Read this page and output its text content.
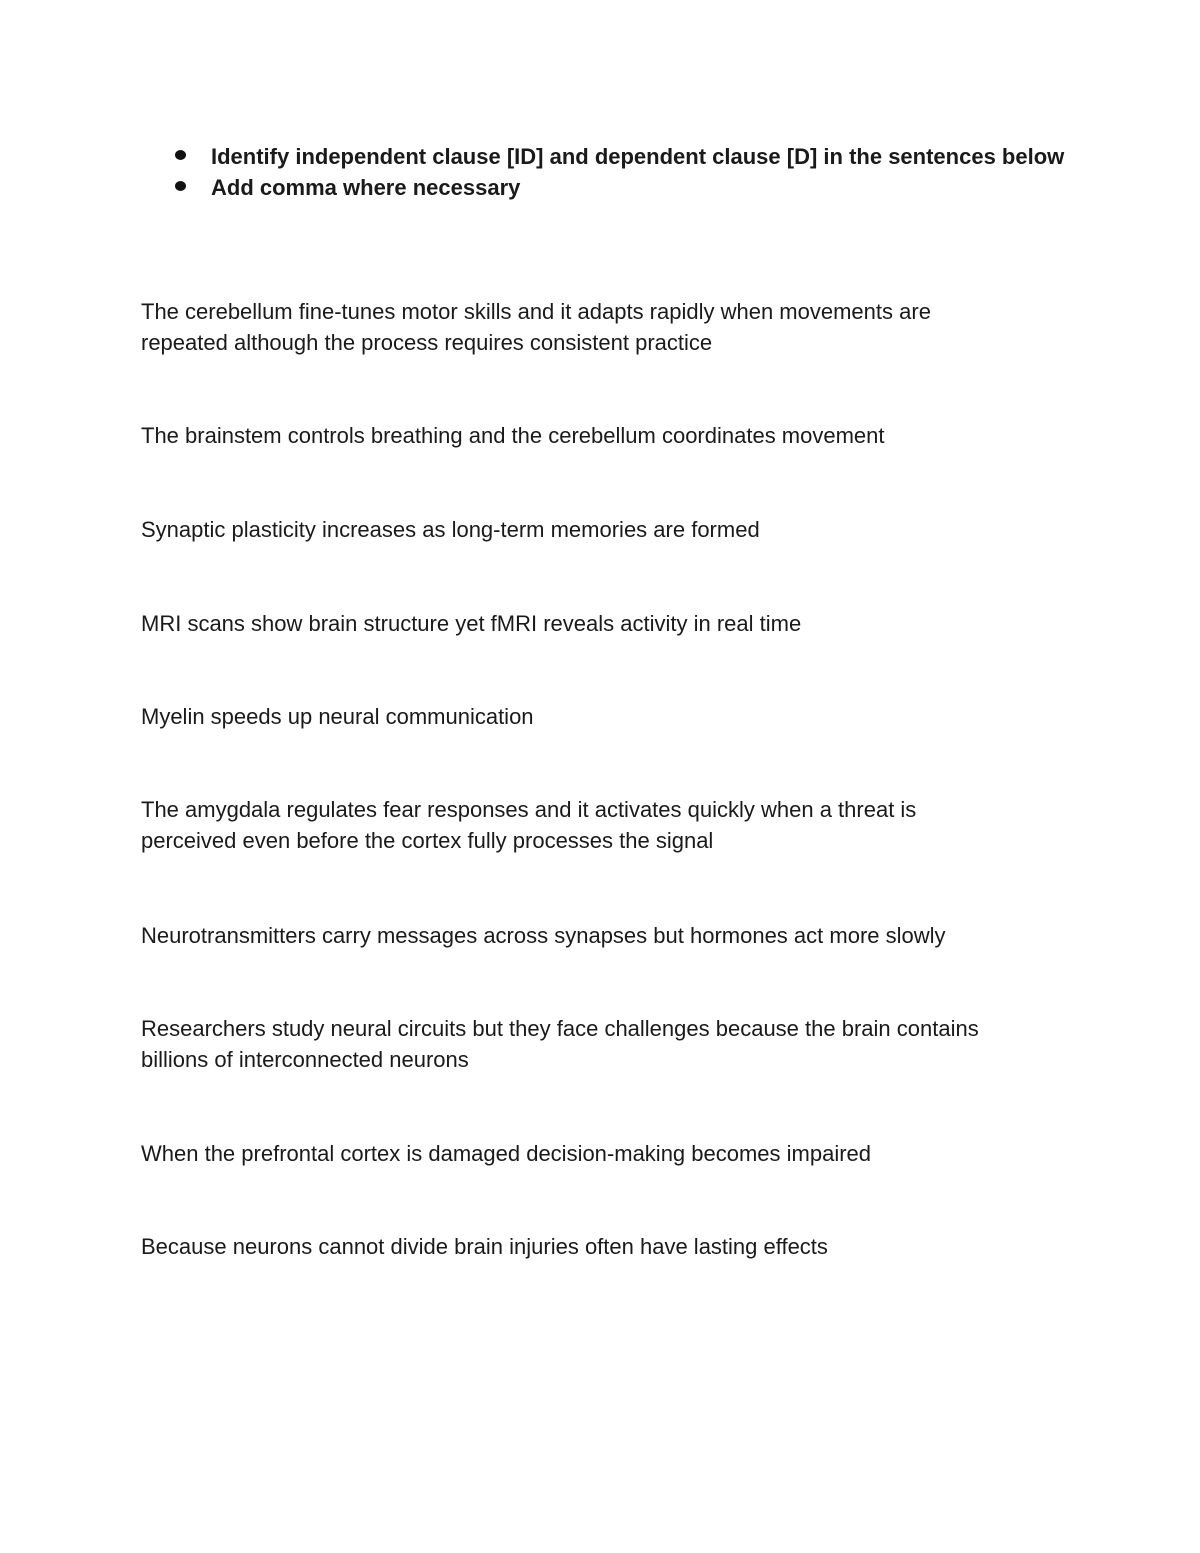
Identify independent clause [ID] and dependent clause [D] in the sentences below
Add comma where necessary

The cerebellum fine-tunes motor skills and it adapts rapidly when movements are
repeated although the process requires consistent practice

The brainstem controls breathing and the cerebellum coordinates movement

Synaptic plasticity increases as long-term memories are formed

MRI scans show brain structure yet fMRI reveals activity in real time

Myelin speeds up neural communication

The amygdala regulates fear responses and it activates quickly when a threat is
perceived even before the cortex fully processes the signal

Neurotransmitters carry messages across synapses but hormones act more slowly

Researchers study neural circuits but they face challenges because the brain contains
billions of interconnected neurons

When the prefrontal cortex is damaged decision-making becomes impaired

Because neurons cannot divide brain injuries often have lasting effects
